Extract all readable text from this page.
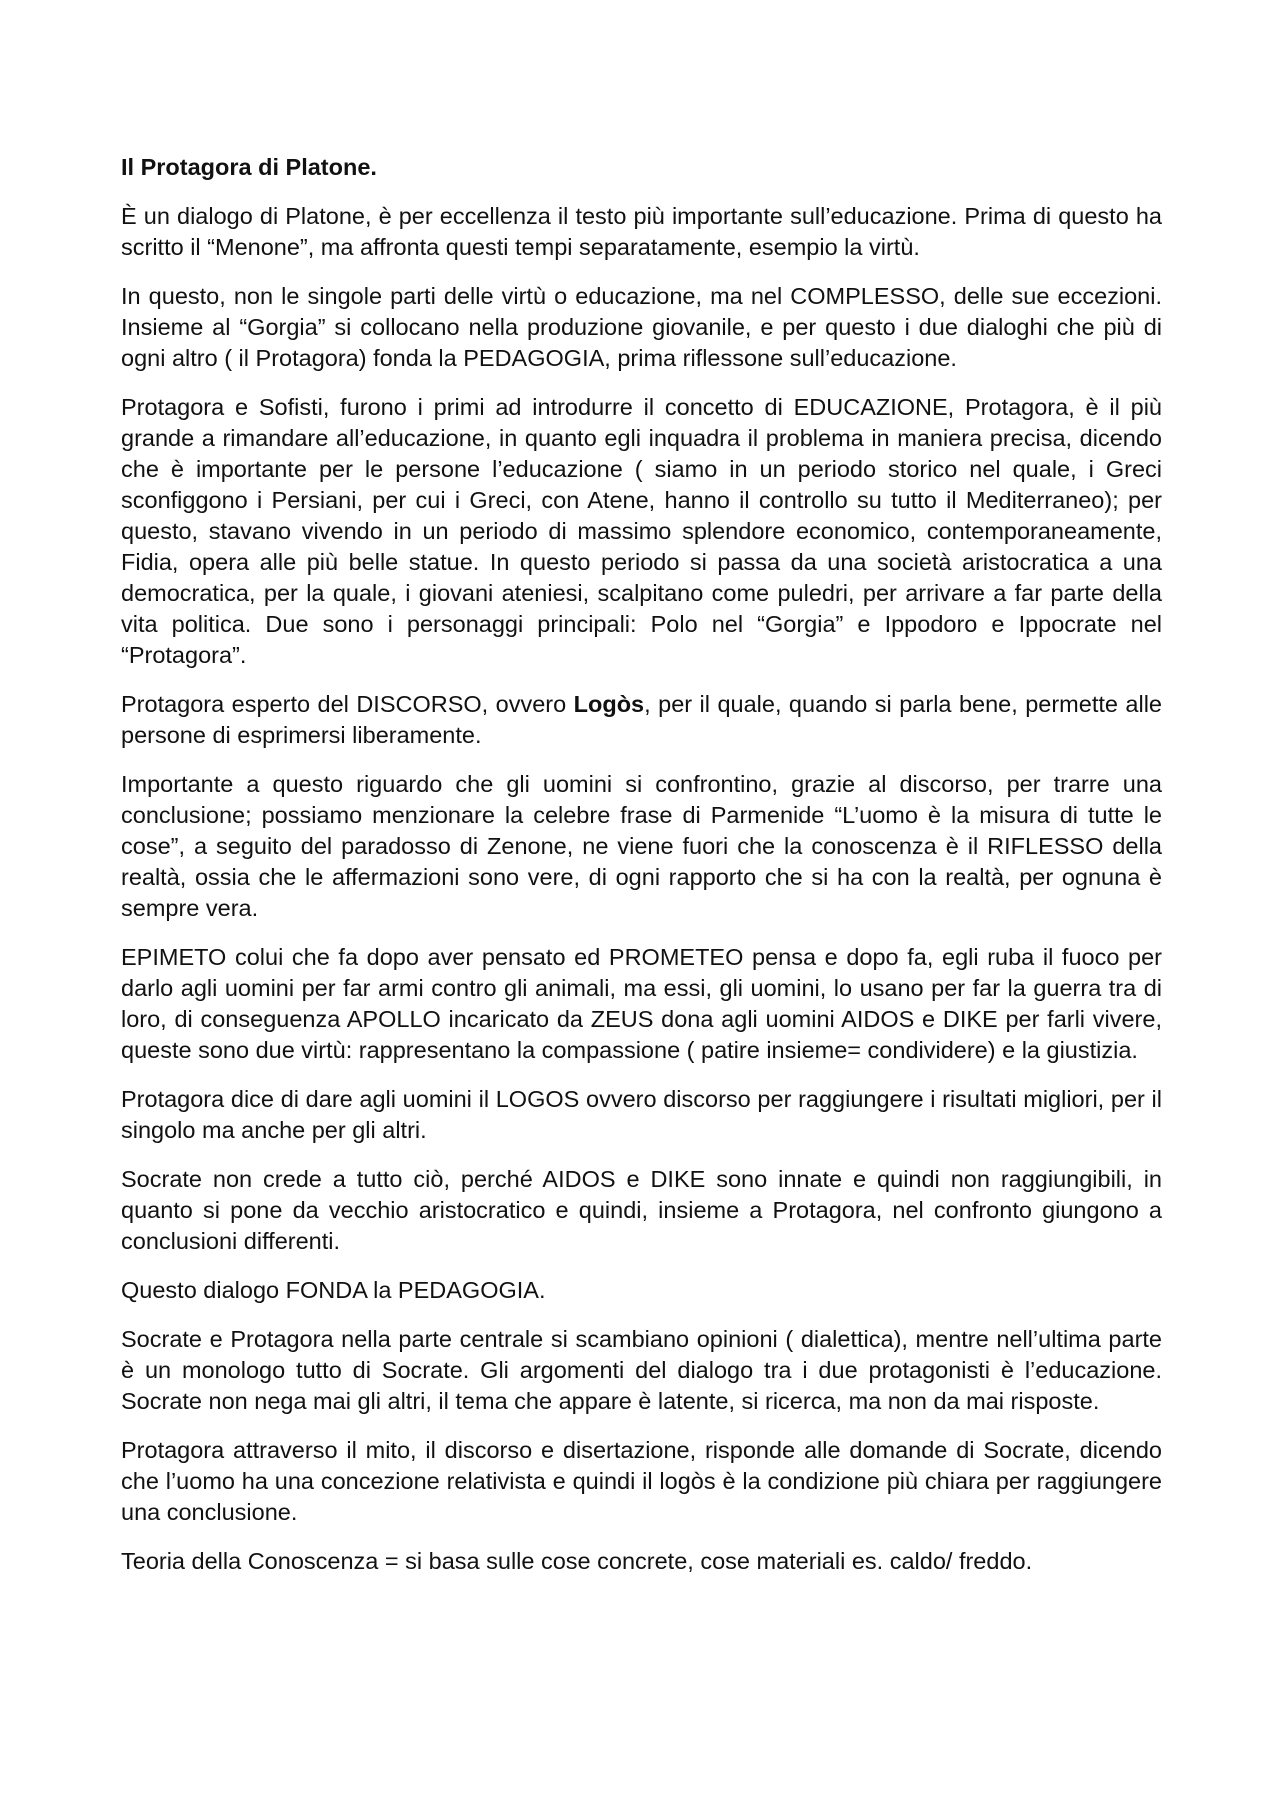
Il Protagora di Platone.

È un dialogo di Platone, è per eccellenza il testo più importante sull’educazione. Prima di questo ha scritto il “Menone”, ma affronta questi tempi separatamente, esempio la virtù.

In questo, non le singole parti delle virtù o educazione, ma nel COMPLESSO, delle sue eccezioni. Insieme al “Gorgia” si collocano nella produzione giovanile, e per questo i due dialoghi che più di ogni altro ( il Protagora) fonda la PEDAGOGIA, prima riflessone sull’educazione.

Protagora e Sofisti, furono i primi ad introdurre il concetto di EDUCAZIONE, Protagora, è il più grande a rimandare all’educazione, in quanto egli inquadra il problema in maniera precisa, dicendo che è importante per le persone l’educazione ( siamo in un periodo storico nel quale, i Greci sconfiggono i Persiani, per cui i Greci, con Atene, hanno il controllo su tutto il Mediterraneo); per questo, stavano vivendo in un periodo di massimo splendore economico, contemporaneamente, Fidia, opera alle più belle statue. In questo periodo si passa da una società aristocratica a una democratica, per la quale, i giovani ateniesi, scalpitano come puledri, per arrivare a far parte della vita politica. Due sono i personaggi principali: Polo nel “Gorgia” e Ippodoro e Ippocrate nel “Protagora”.

Protagora esperto del DISCORSO, ovvero Logòs, per il quale, quando si parla bene, permette alle persone di esprimersi liberamente.

Importante a questo riguardo che gli uomini si confrontino, grazie al discorso, per trarre una conclusione; possiamo menzionare la celebre frase di Parmenide “L’uomo è la misura di tutte le cose”, a seguito del paradosso di Zenone, ne viene fuori che la conoscenza è il RIFLESSO della realtà, ossia che le affermazioni sono vere, di ogni rapporto che si ha con la realtà, per ognuna è sempre vera.

EPIMETO colui che fa dopo aver pensato ed PROMETEO pensa e dopo fa, egli ruba il fuoco per darlo agli uomini per far armi contro gli animali, ma essi, gli uomini, lo usano per far la guerra tra di loro, di conseguenza APOLLO incaricato da ZEUS dona agli uomini AIDOS e DIKE per farli vivere, queste sono due virtù: rappresentano la compassione ( patire insieme= condividere) e la giustizia.

Protagora dice di dare agli uomini il LOGOS ovvero discorso per raggiungere i risultati migliori, per il singolo ma anche per gli altri.

Socrate non crede a tutto ciò, perché AIDOS e DIKE sono innate e quindi non raggiungibili, in quanto si pone da vecchio aristocratico e quindi, insieme a Protagora, nel confronto giungono a conclusioni differenti.

Questo dialogo FONDA la PEDAGOGIA.

Socrate e Protagora nella parte centrale si scambiano opinioni ( dialettica), mentre nell’ultima parte è un monologo tutto di Socrate. Gli argomenti del dialogo tra i due protagonisti è l’educazione. Socrate non nega mai gli altri, il tema che appare è latente, si ricerca, ma non da mai risposte.

Protagora attraverso il mito, il discorso e disertazione, risponde alle domande di Socrate, dicendo che l’uomo ha una concezione relativista e quindi il logòs è la condizione più chiara per raggiungere una conclusione.

Teoria della Conoscenza = si basa sulle cose concrete, cose materiali es. caldo/ freddo.
